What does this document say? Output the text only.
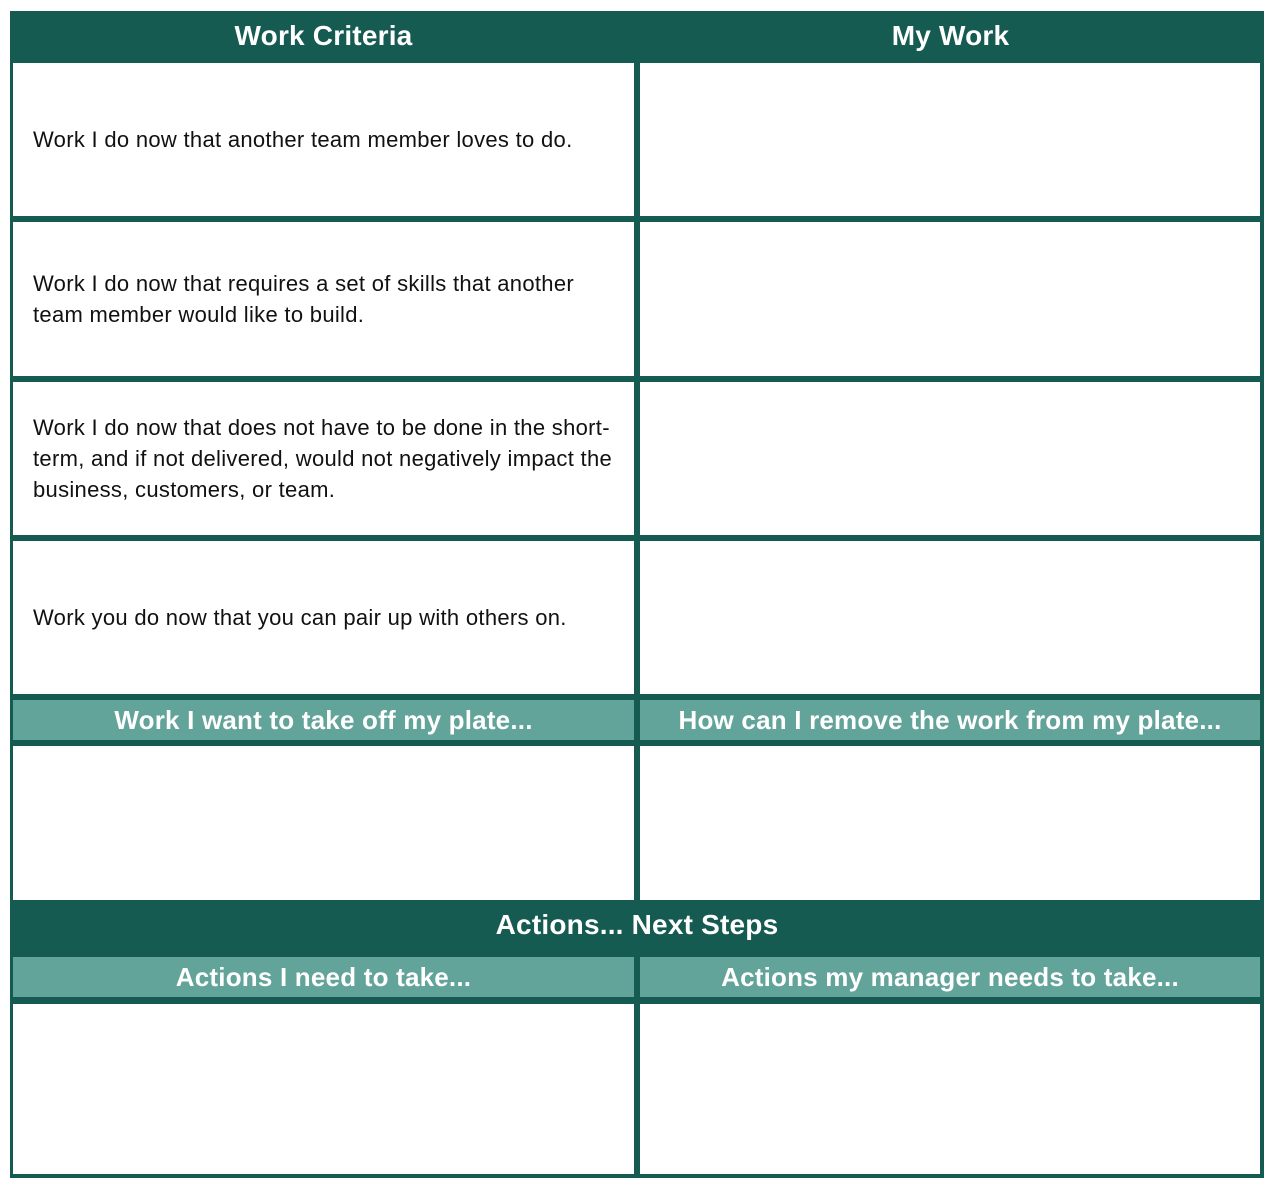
Work Criteria	My Work
Work I do now that another team member loves to do.
Work I do now that requires a set of skills that another team member would like to build.
Work I do now that does not have to be done in the short-term, and if not delivered, would not negatively impact the business, customers, or team.
Work you do now that you can pair up with others on.
Work I want to take off my plate...	How can I remove the work from my plate...
Actions... Next Steps
Actions I need to take...	Actions my manager needs to take...
